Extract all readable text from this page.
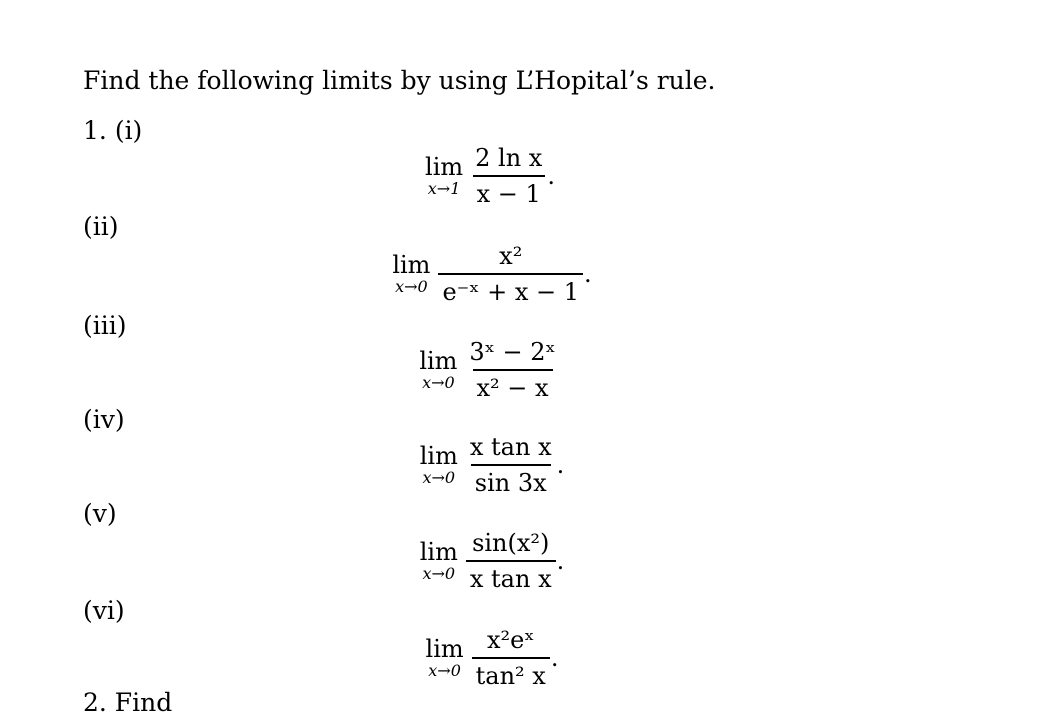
Find the following limits by using L’Hopital’s rule.
1. (i)
lim
$x\to 1 \frac{\text{2 ln x}}{x - 1}$ .
(ii)
lim
$x\to 0 \frac{\text{x²}}{\text{e⁻ˣ + x − 1}}$ .
(iii)
lim
$x\to 0 \frac{\text{3ˣ − 2ˣ}}{\text{x² − x}}$
(iv)
lim
$x\to 0 \frac{\text{x tan x}}{\sin 3x}$ .
(v)
lim
$x\to 0 \frac{\text{sin(x²)}}{\text{x tan x}}$ .
(vi)
lim
$x\to 0 \frac{\text{x²eˣ}}{\text{tan² x}}$ .
2. Find
